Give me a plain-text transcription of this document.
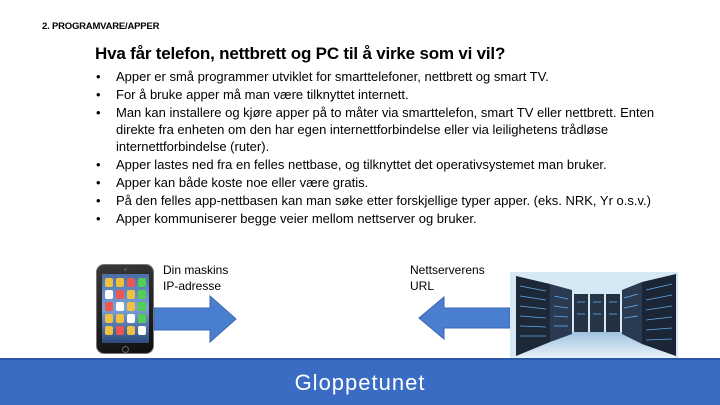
2. PROGRAMVARE/APPER
Hva får telefon, nettbrett og PC til å virke som vi vil?
• Apper er små programmer utviklet for smarttelefoner, nettbrett og smart TV.
• For å bruke apper må man være tilknyttet internett.
• Man kan installere og kjøre apper på to måter via smarttelefon, smart TV eller nettbrett. Enten direkte fra enheten om den har egen internettforbindelse eller via leilighetens trådløse internettforbindelse (ruter).
• Apper lastes ned fra en felles nettbase, og tilknyttet det operativsystemet man bruker.
• Apper kan både koste noe eller være gratis.
• På den felles app-nettbasen kan man søke etter forskjellige typer apper. (eks. NRK, Yr o.s.v.)
• Apper kommuniserer begge veier mellom nettserver og bruker.
Din maskins
IP-adresse
Nettserverens
URL
Gloppetunet
